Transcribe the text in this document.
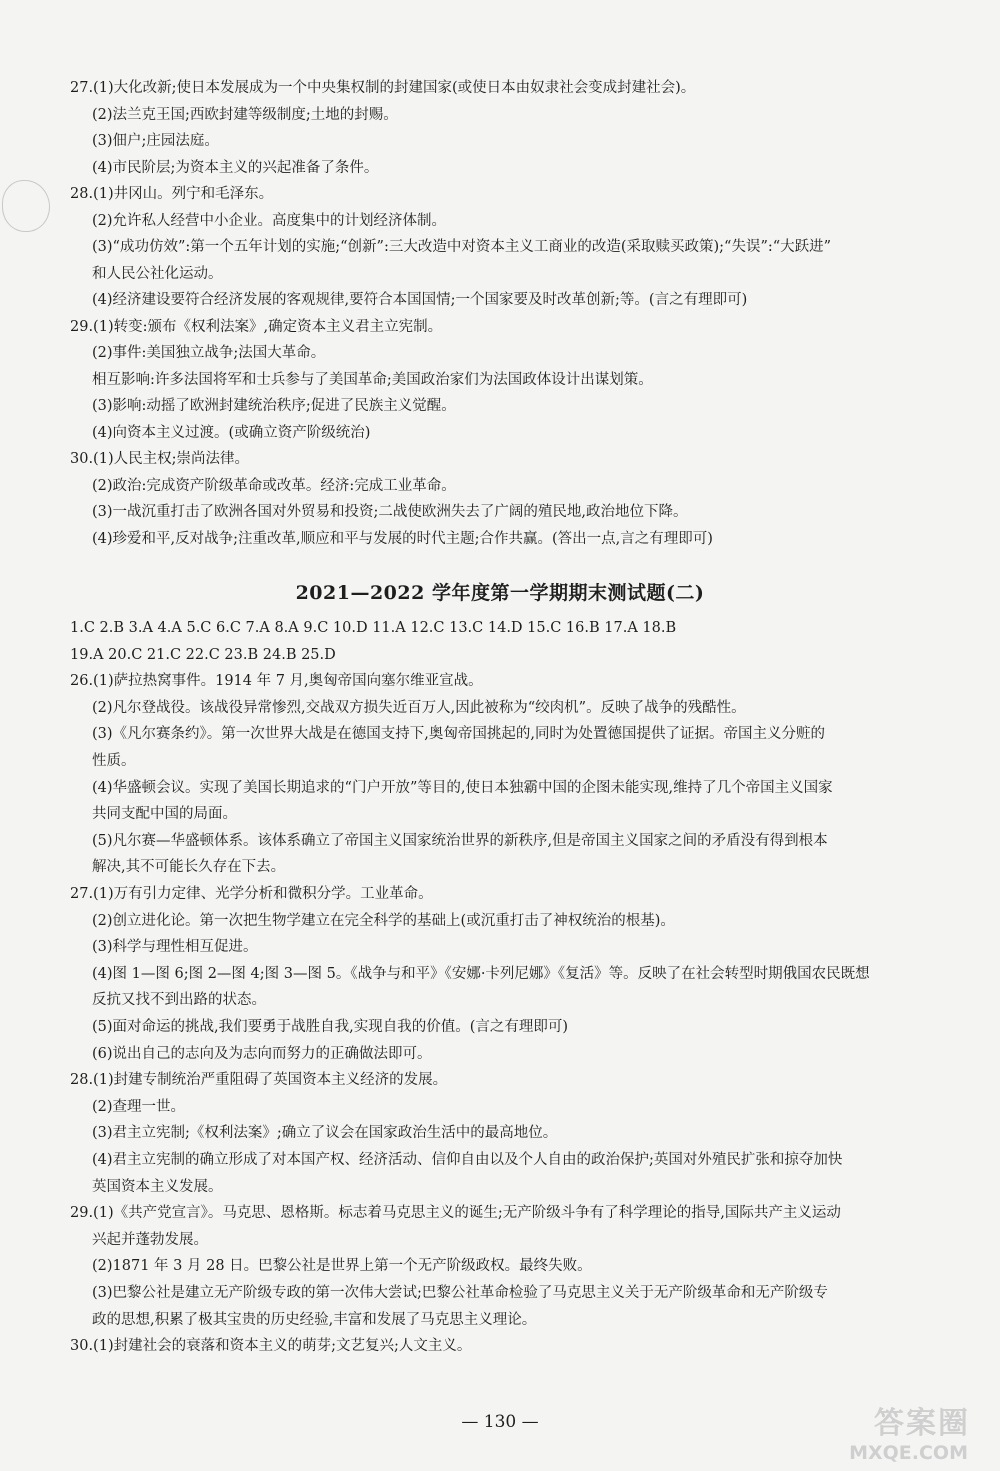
27.(1)大化改新;使日本发展成为一个中央集权制的封建国家(或使日本由奴隶社会变成封建社会)。
(2)法兰克王国;西欧封建等级制度;土地的封赐。
(3)佃户;庄园法庭。
(4)市民阶层;为资本主义的兴起准备了条件。
28.(1)井冈山。列宁和毛泽东。
(2)允许私人经营中小企业。高度集中的计划经济体制。
(3)“成功仿效”:第一个五年计划的实施;“创新”:三大改造中对资本主义工商业的改造(采取赎买政策);“失误”:“大跃进”
和人民公社化运动。
(4)经济建设要符合经济发展的客观规律,要符合本国国情;一个国家要及时改革创新;等。(言之有理即可)
29.(1)转变:颁布《权利法案》,确定资本主义君主立宪制。
(2)事件:美国独立战争;法国大革命。
相互影响:许多法国将军和士兵参与了美国革命;美国政治家们为法国政体设计出谋划策。
(3)影响:动摇了欧洲封建统治秩序;促进了民族主义觉醒。
(4)向资本主义过渡。(或确立资产阶级统治)
30.(1)人民主权;崇尚法律。
(2)政治:完成资产阶级革命或改革。经济:完成工业革命。
(3)一战沉重打击了欧洲各国对外贸易和投资;二战使欧洲失去了广阔的殖民地,政治地位下降。
(4)珍爱和平,反对战争;注重改革,顺应和平与发展的时代主题;合作共赢。(答出一点,言之有理即可)
2021—2022 学年度第一学期期末测试题(二)
1.C 2.B 3.A 4.A 5.C 6.C 7.A 8.A 9.C 10.D 11.A 12.C 13.C 14.D 15.C 16.B 17.A 18.B
19.A 20.C 21.C 22.C 23.B 24.B 25.D
26.(1)萨拉热窝事件。1914 年 7 月,奥匈帝国向塞尔维亚宣战。
(2)凡尔登战役。该战役异常惨烈,交战双方损失近百万人,因此被称为“绞肉机”。反映了战争的残酷性。
(3)《凡尔赛条约》。第一次世界大战是在德国支持下,奥匈帝国挑起的,同时为处置德国提供了证据。帝国主义分赃的
性质。
(4)华盛顿会议。实现了美国长期追求的“门户开放”等目的,使日本独霸中国的企图未能实现,维持了几个帝国主义国家
共同支配中国的局面。
(5)凡尔赛—华盛顿体系。该体系确立了帝国主义国家统治世界的新秩序,但是帝国主义国家之间的矛盾没有得到根本
解决,其不可能长久存在下去。
27.(1)万有引力定律、光学分析和微积分学。工业革命。
(2)创立进化论。第一次把生物学建立在完全科学的基础上(或沉重打击了神权统治的根基)。
(3)科学与理性相互促进。
(4)图 1—图 6;图 2—图 4;图 3—图 5。《战争与和平》《安娜·卡列尼娜》《复活》等。反映了在社会转型时期俄国农民既想
反抗又找不到出路的状态。
(5)面对命运的挑战,我们要勇于战胜自我,实现自我的价值。(言之有理即可)
(6)说出自己的志向及为志向而努力的正确做法即可。
28.(1)封建专制统治严重阻碍了英国资本主义经济的发展。
(2)查理一世。
(3)君主立宪制;《权利法案》;确立了议会在国家政治生活中的最高地位。
(4)君主立宪制的确立形成了对本国产权、经济活动、信仰自由以及个人自由的政治保护;英国对外殖民扩张和掠夺加快
英国资本主义发展。
29.(1)《共产党宣言》。马克思、恩格斯。标志着马克思主义的诞生;无产阶级斗争有了科学理论的指导,国际共产主义运动
兴起并蓬勃发展。
(2)1871 年 3 月 28 日。巴黎公社是世界上第一个无产阶级政权。最终失败。
(3)巴黎公社是建立无产阶级专政的第一次伟大尝试;巴黎公社革命检验了马克思主义关于无产阶级革命和无产阶级专
政的思想,积累了极其宝贵的历史经验,丰富和发展了马克思主义理论。
30.(1)封建社会的衰落和资本主义的萌芽;文艺复兴;人文主义。
— 130 —	答案圈
MXQE.COM
